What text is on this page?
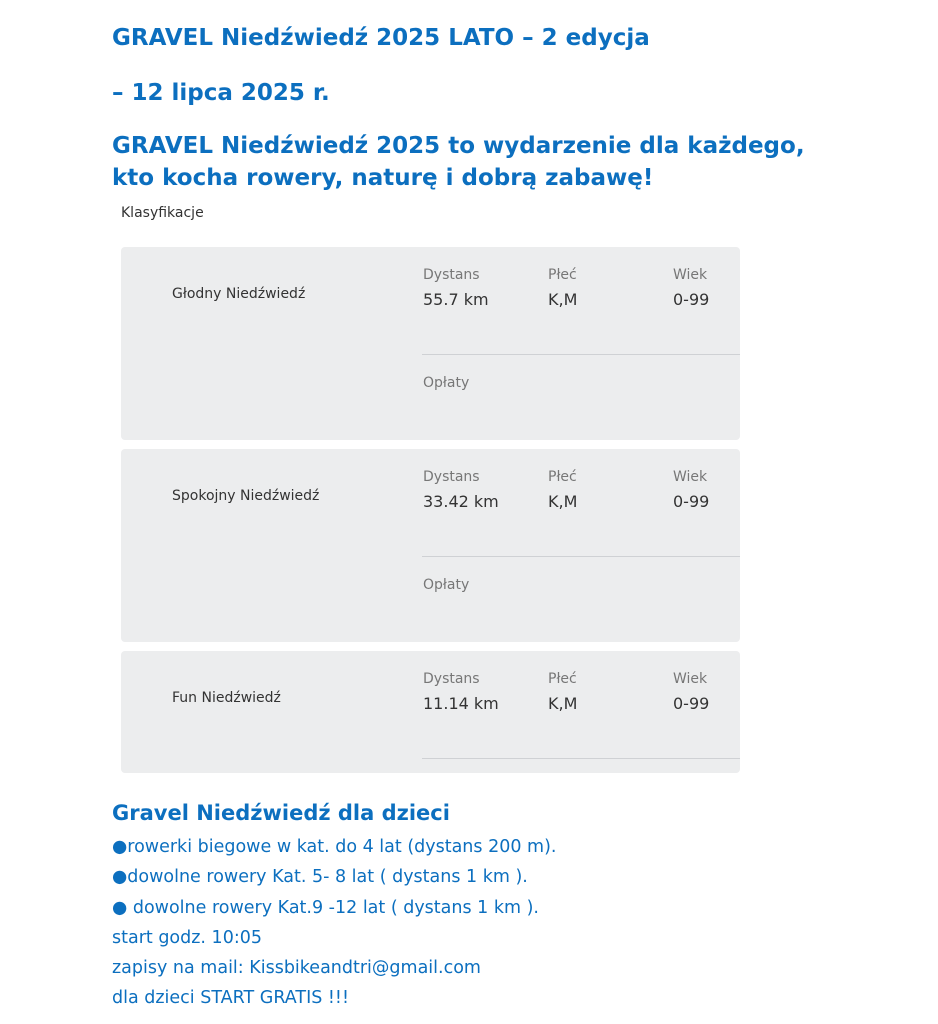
GRAVEL Niedźwiedź 2025 LATO – 2 edycja
– 12 lipca 2025 r.
GRAVEL Niedźwiedź 2025 to wydarzenie dla każdego,
kto kocha rowery, naturę i dobrą zabawę!
Klasyfikacje
Głodny Niedźwiedź
Dystans
55.7 km
Płeć
K,M
Wiek
0-99
Opłaty
Spokojny Niedźwiedź
Dystans
33.42 km
Płeć
K,M
Wiek
0-99
Opłaty
Fun Niedźwiedź
Dystans
11.14 km
Płeć
K,M
Wiek
0-99
Gravel Niedźwiedź dla dzieci
●rowerki biegowe w kat. do 4 lat (dystans 200 m).
●dowolne rowery Kat. 5- 8 lat ( dystans 1 km ).
● dowolne rowery Kat.9 -12 lat ( dystans 1 km ).
start godz. 10:05
zapisy na mail: Kissbikeandtri@gmail.com
dla dzieci START GRATIS !!!
